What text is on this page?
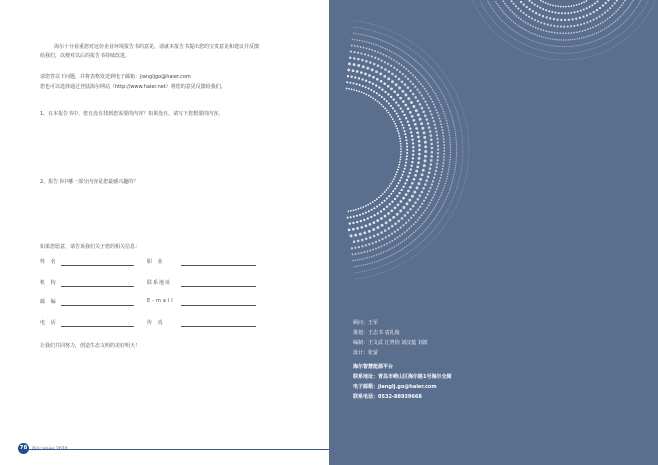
海尔十分看重您对这份企业环境报告书的意见，请就本报告书提出您的宝贵意见和建议并反馈
给我们，以便对以后的报告书持续改进。
请您答以下问题，并将表格发送到电子邮箱：jiangljgo@haier.com
您也可以选择通过登陆海尔网站（http://www.haier.net）将您的意见反馈给我们。
1、在本报告书中，您有没有找到您需要的内容？如果没有，请写下您想要的内容。
2、报告书中哪一部分内容是您最感兴趣的？
如果您愿意，请告诉我们关于您的相关信息：
姓 名	职 业
机 构	联系地址
邮 编	E-mail
电 话	传 真
让我们共同努力，创造生态文明的美好明天！
78	海尔 Haier 2020
顾问：王军
策划：王志书 袁礼俊
编制：王文武 江势钧 刘汶蕴 刘波
设计：张萤
海尔智慧能源平台
联系地址：青岛市崂山区海尔路1号海尔全厕
电子邮箱：jianglj.go@haier.com
联系电话：0532-88939668
